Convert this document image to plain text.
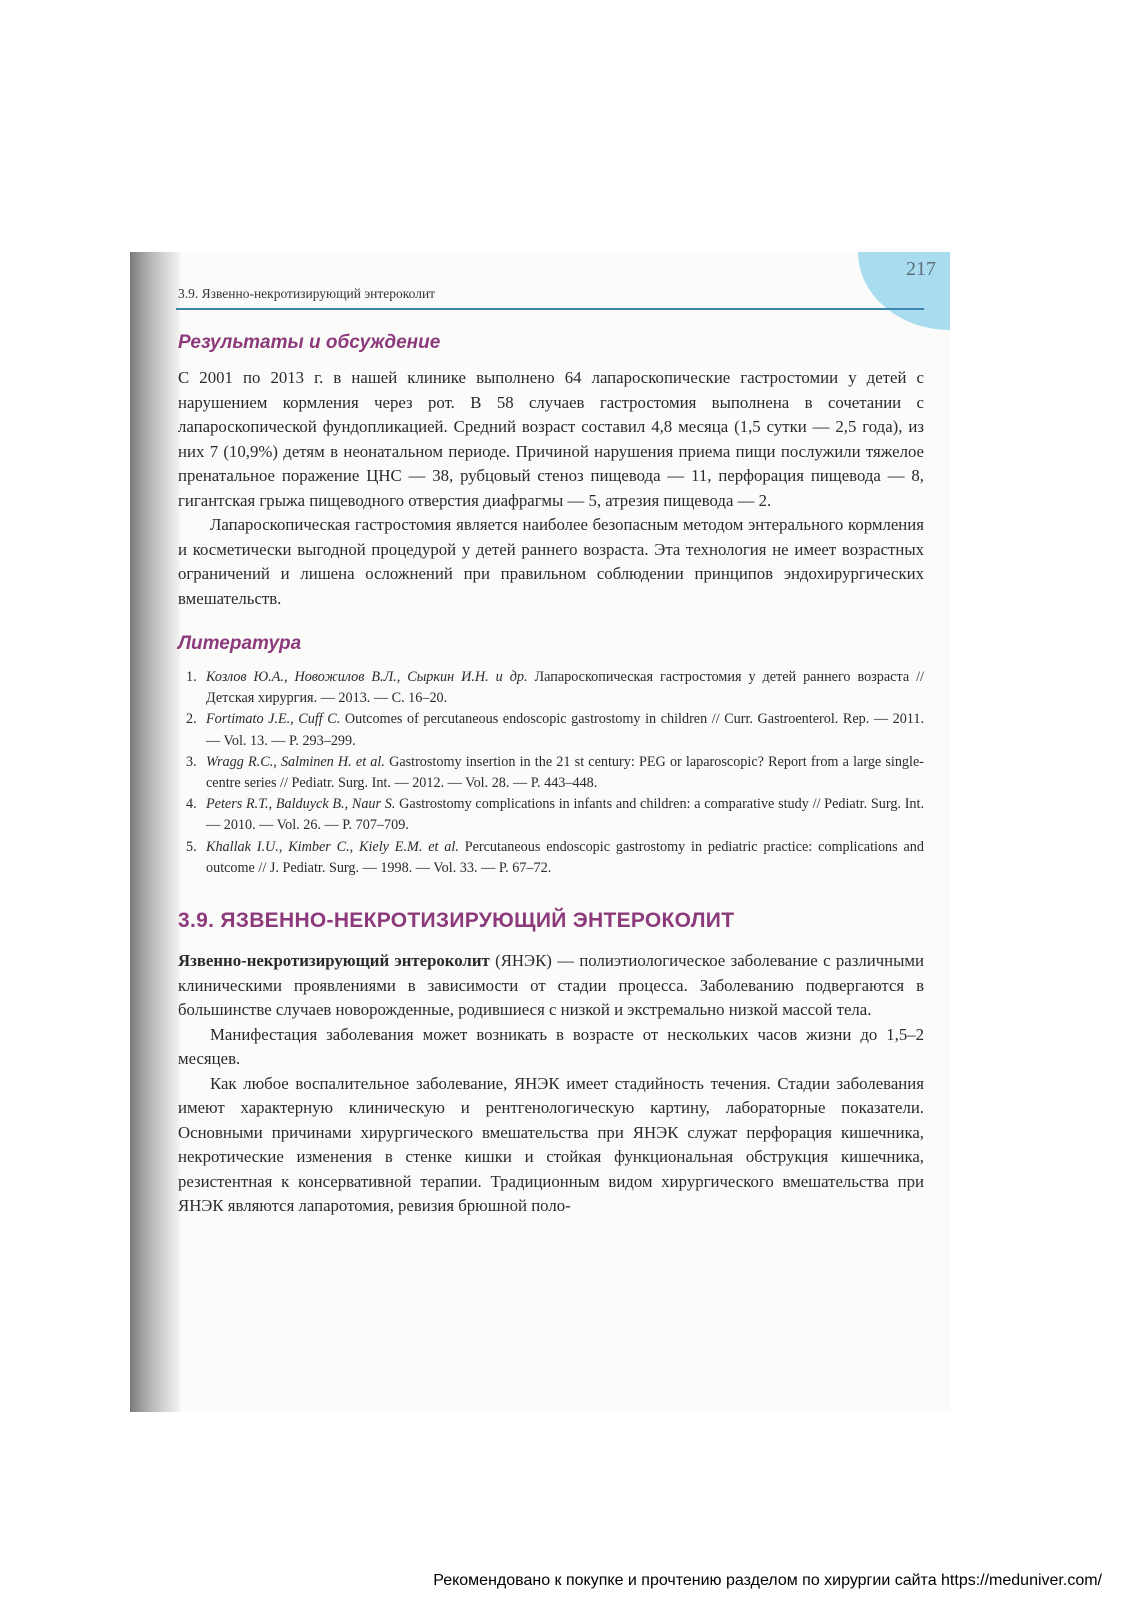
217
3.9. Язвенно-некротизирующий энтероколит
Результаты и обсуждение

С 2001 по 2013 г. в нашей клинике выполнено 64 лапароскопические гастростомии у детей с нарушением кормления через рот. В 58 случаев гастростомия выполнена в сочетании с лапароскопической фундопликацией. Средний возраст составил 4,8 месяца (1,5 сутки — 2,5 года), из них 7 (10,9%) детям в неонатальном периоде. Причиной нарушения приема пищи послужили тяжелое пренатальное поражение ЦНС — 38, рубцовый стеноз пищевода — 11, перфорация пищевода — 8, гигантская грыжа пищеводного отверстия диафрагмы — 5, атрезия пищевода — 2.

Лапароскопическая гастростомия является наиболее безопасным методом энтерального кормления и косметически выгодной процедурой у детей раннего возраста. Эта технология не имеет возрастных ограничений и лишена осложнений при правильном соблюдении принципов эндохирургических вмешательств.

Литература
1. Козлов Ю.А., Новожилов В.Л., Сыркин И.Н. и др. Лапароскопическая гастростомия у детей раннего возраста // Детская хирургия. — 2013. — С. 16–20.
2. Fortimato J.E., Cuff C. Outcomes of percutaneous endoscopic gastrostomy in children // Curr. Gastroenterol. Rep. — 2011. — Vol. 13. — P. 293–299.
3. Wragg R.C., Salminen H. et al. Gastrostomy insertion in the 21 st century: PEG or laparoscopic? Report from a large single-centre series // Pediatr. Surg. Int. — 2012. — Vol. 28. — P. 443–448.
4. Peters R.T., Balduyck B., Naur S. Gastrostomy complications in infants and children: a comparative study // Pediatr. Surg. Int. — 2010. — Vol. 26. — P. 707–709.
5. Khallak I.U., Kimber C., Kiely E.M. et al. Percutaneous endoscopic gastrostomy in pediatric practice: complications and outcome // J. Pediatr. Surg. — 1998. — Vol. 33. — P. 67–72.
3.9. ЯЗВЕННО-НЕКРОТИЗИРУЮЩИЙ ЭНТЕРОКОЛИТ

Язвенно-некротизирующий энтероколит (ЯНЭК) — полиэтиологическое заболевание с различными клиническими проявлениями в зависимости от стадии процесса. Заболеванию подвергаются в большинстве случаев новорожденные, родившиеся с низкой и экстремально низкой массой тела.

Манифестация заболевания может возникать в возрасте от нескольких часов жизни до 1,5–2 месяцев.

Как любое воспалительное заболевание, ЯНЭК имеет стадийность течения. Стадии заболевания имеют характерную клиническую и рентгенологическую картину, лабораторные показатели. Основными причинами хирургического вмешательства при ЯНЭК служат перфорация кишечника, некротические изменения в стенке кишки и стойкая функциональная обструкция кишечника, резистентная к консервативной терапии. Традиционным видом хирургического вмешательства при ЯНЭК являются лапаротомия, ревизия брюшной поло-

Рекомендовано к покупке и прочтению разделом по хирургии сайта https://meduniver.com/
